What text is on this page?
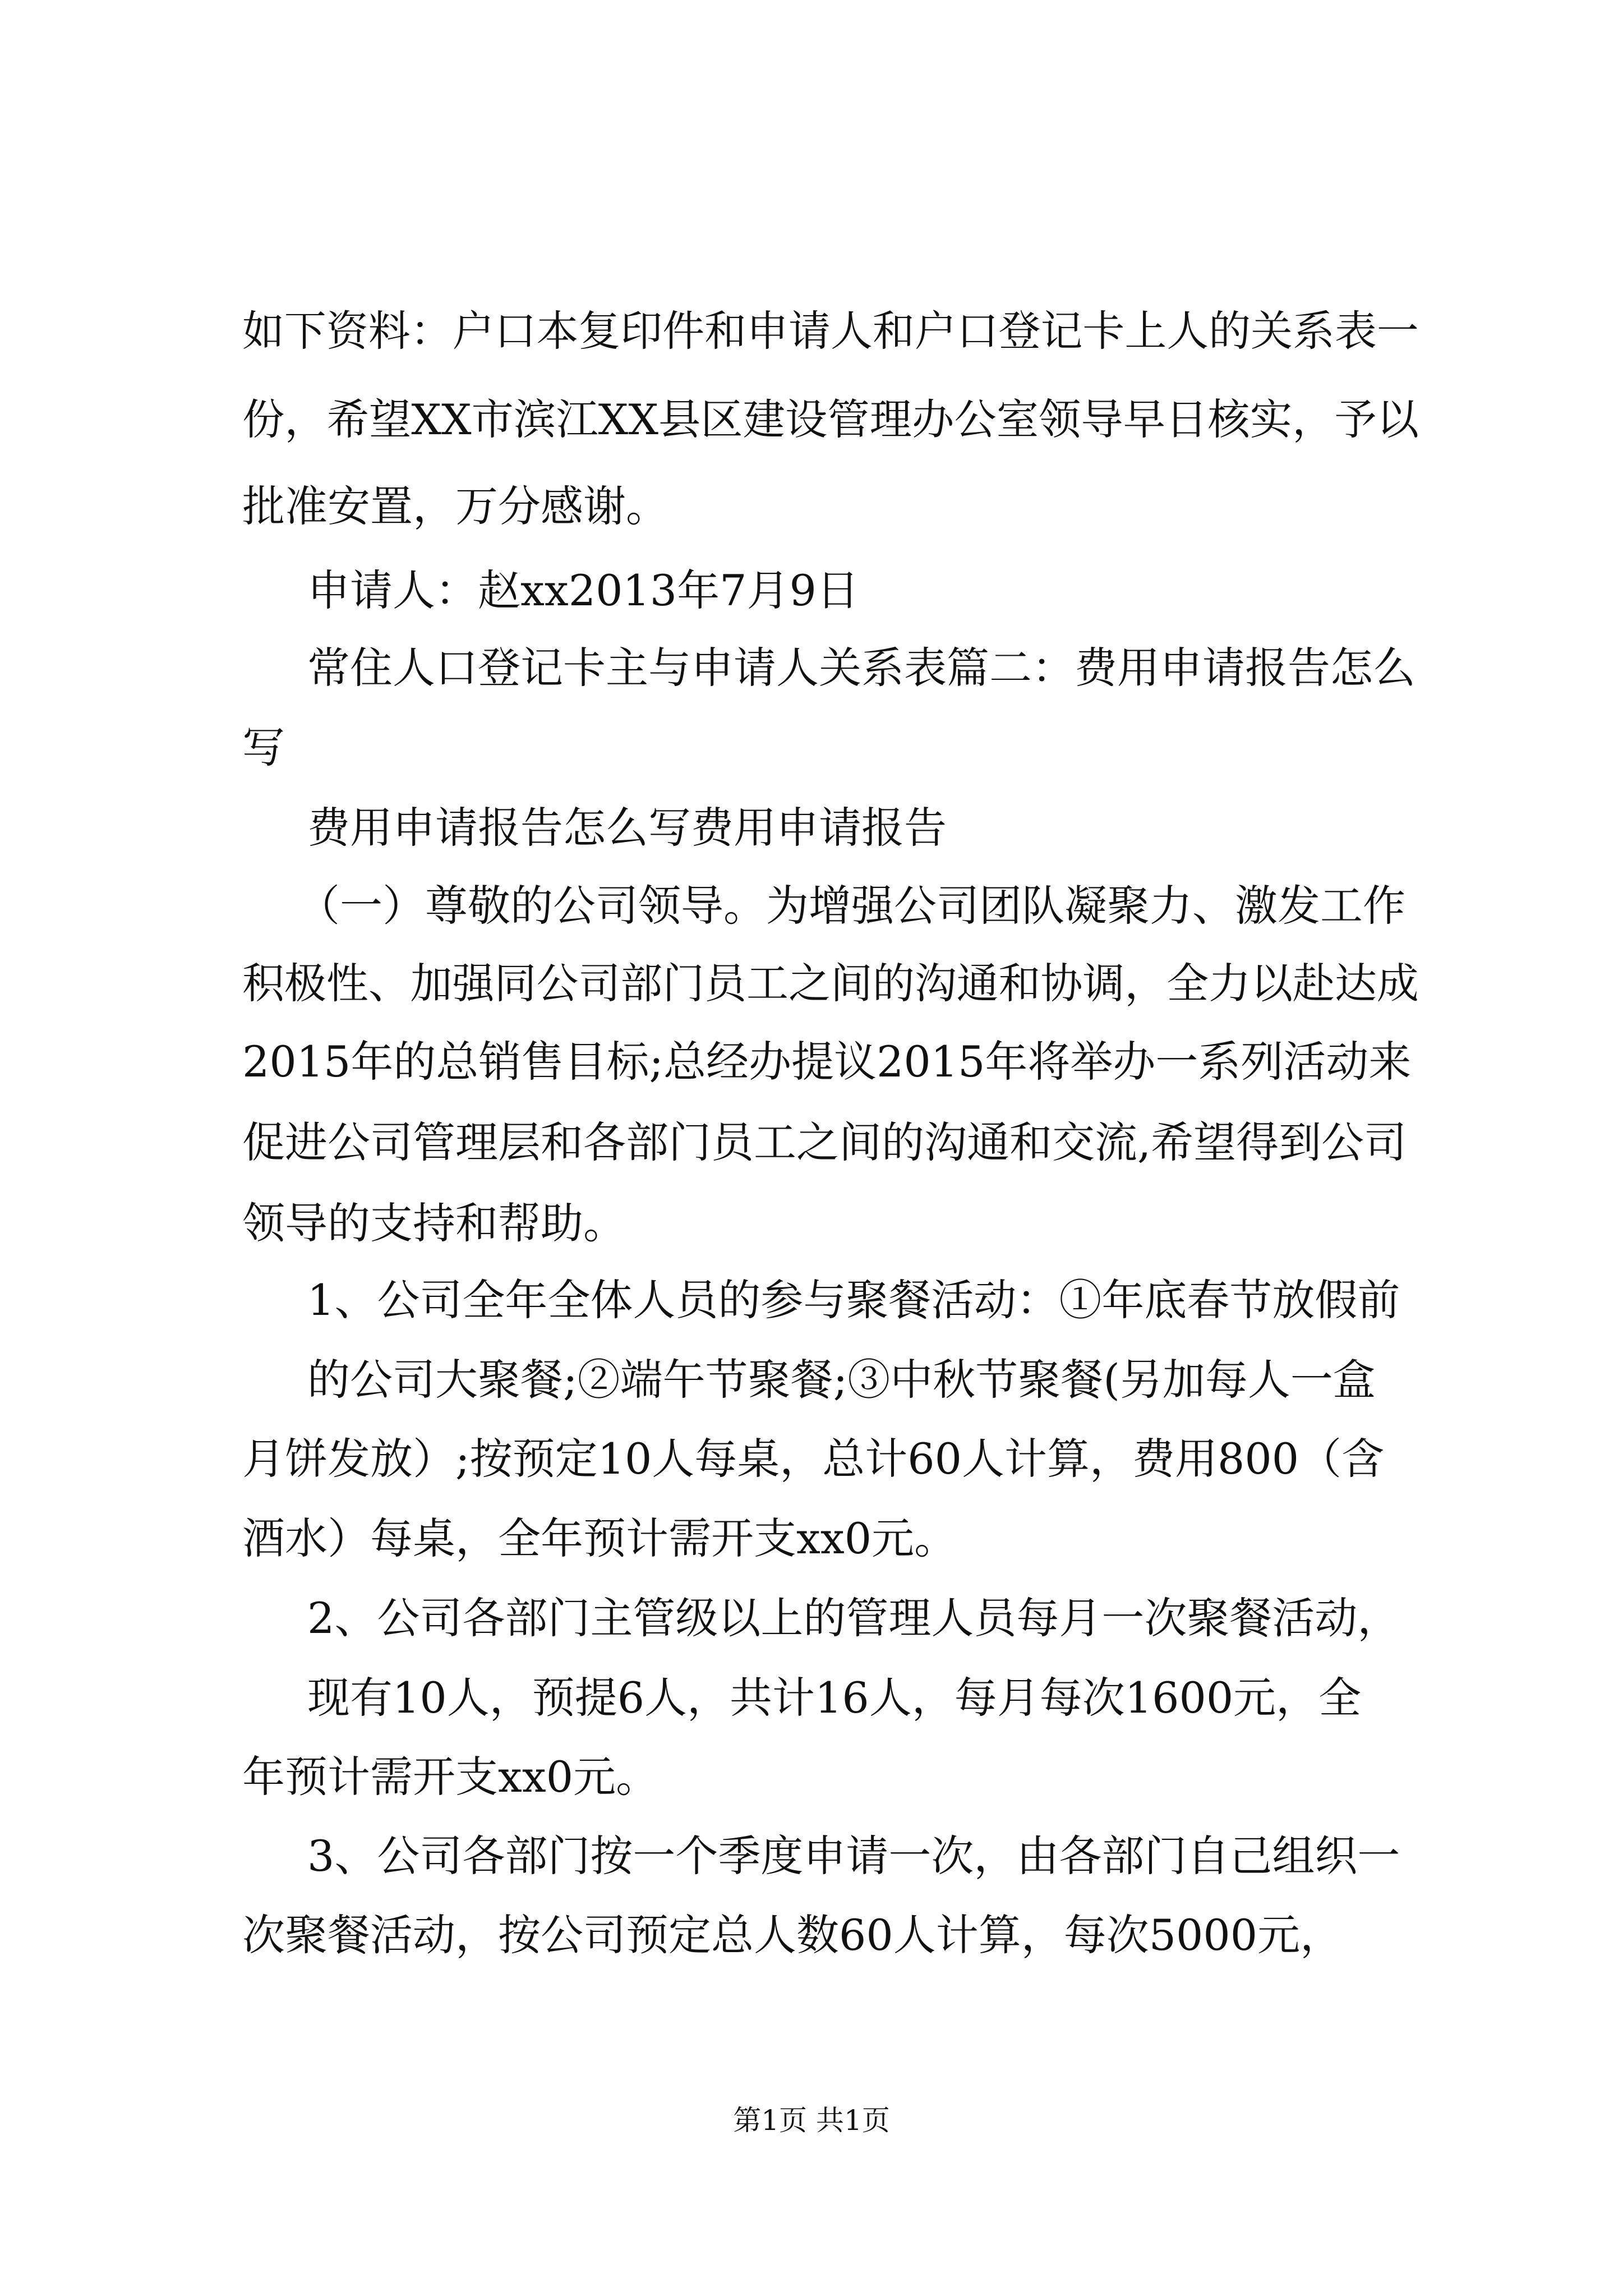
如下资料：户口本复印件和申请人和户口登记卡上人的关系表一

份，希望XX市滨江XX县区建设管理办公室领导早日核实，予以

批准安置，万分感谢。

申请人：赵xx2013年7月9日

常住人口登记卡主与申请人关系表篇二：费用申请报告怎么

写

费用申请报告怎么写费用申请报告

（一）尊敬的公司领导。为增强公司团队凝聚力、激发工作

积极性、加强同公司部门员工之间的沟通和协调，全力以赴达成

2015年的总销售目标;总经办提议2015年将举办一系列活动来

促进公司管理层和各部门员工之间的沟通和交流,希望得到公司

领导的支持和帮助。

1、公司全年全体人员的参与聚餐活动：①年底春节放假前

的公司大聚餐;②端午节聚餐;③中秋节聚餐(另加每人一盒

月饼发放）;按预定10人每桌，总计60人计算，费用800（含

酒水）每桌，全年预计需开支xx0元。

2、公司各部门主管级以上的管理人员每月一次聚餐活动，

现有10人，预提6人，共计16人，每月每次1600元，全

年预计需开支xx0元。

3、公司各部门按一个季度申请一次，由各部门自己组织一

次聚餐活动，按公司预定总人数60人计算，每次5000元，

第1页 共1页
